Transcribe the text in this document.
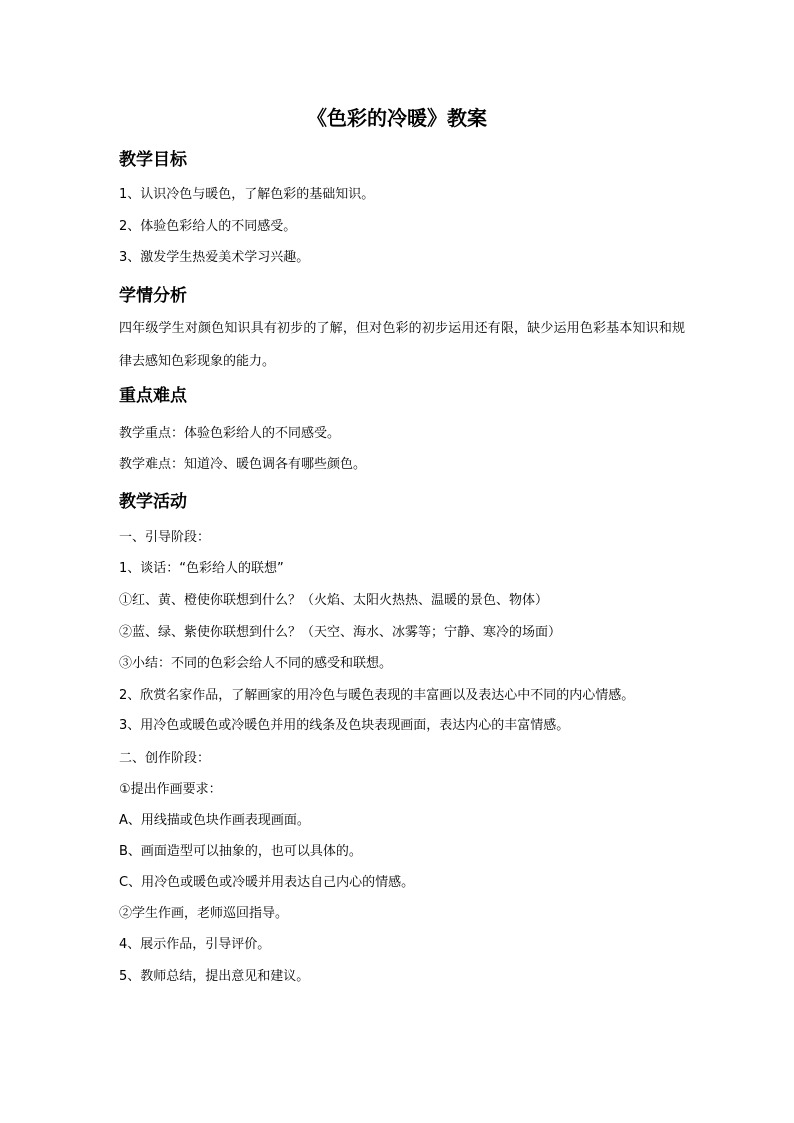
《色彩的冷暖》教案
教学目标
1、认识冷色与暖色，了解色彩的基础知识。
2、体验色彩给人的不同感受。
3、激发学生热爱美术学习兴趣。
学情分析
四年级学生对颜色知识具有初步的了解，但对色彩的初步运用还有限，缺少运用色彩基本知识和规律去感知色彩现象的能力。
重点难点
教学重点：体验色彩给人的不同感受。
教学难点：知道冷、暖色调各有哪些颜色。
教学活动
一、引导阶段：
1、谈话：“色彩给人的联想”
①红、黄、橙使你联想到什么？（火焰、太阳火热热、温暖的景色、物体）
②蓝、绿、紫使你联想到什么？（天空、海水、冰雾等；宁静、寒冷的场面）
③小结：不同的色彩会给人不同的感受和联想。
2、欣赏名家作品，了解画家的用冷色与暖色表现的丰富画以及表达心中不同的内心情感。
3、用冷色或暖色或冷暖色并用的线条及色块表现画面，表达内心的丰富情感。
二、创作阶段：
①提出作画要求：
A、用线描或色块作画表现画面。
B、画面造型可以抽象的，也可以具体的。
C、用冷色或暖色或冷暖并用表达自己内心的情感。
②学生作画，老师巡回指导。
4、展示作品，引导评价。
5、教师总结，提出意见和建议。
